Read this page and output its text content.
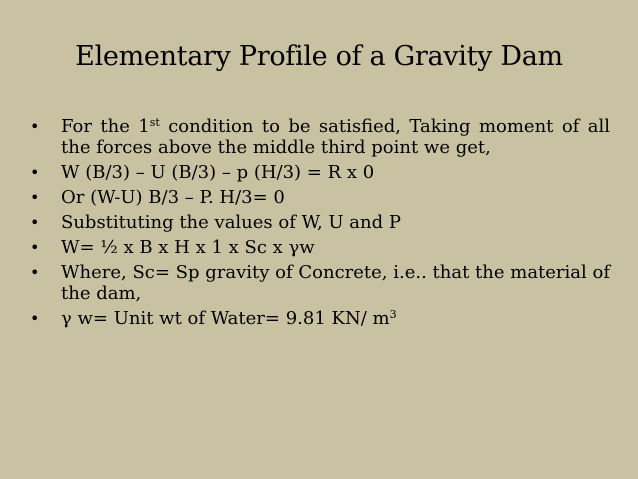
Elementary Profile of a Gravity Dam
• For the 1st condition to be satisfied, Taking moment of all the forces above the middle third point we get,
• W (B/3) – U (B/3) – p (H/3) = R x 0
• Or (W-U) B/3 – P. H/3= 0
• Substituting the values of W, U and P
• W= ½ x B x H x 1 x Sc x γw
• Where, Sc= Sp gravity of Concrete, i.e.. that the material of the dam,
• γ w= Unit wt of Water= 9.81 KN/ $m^3$
